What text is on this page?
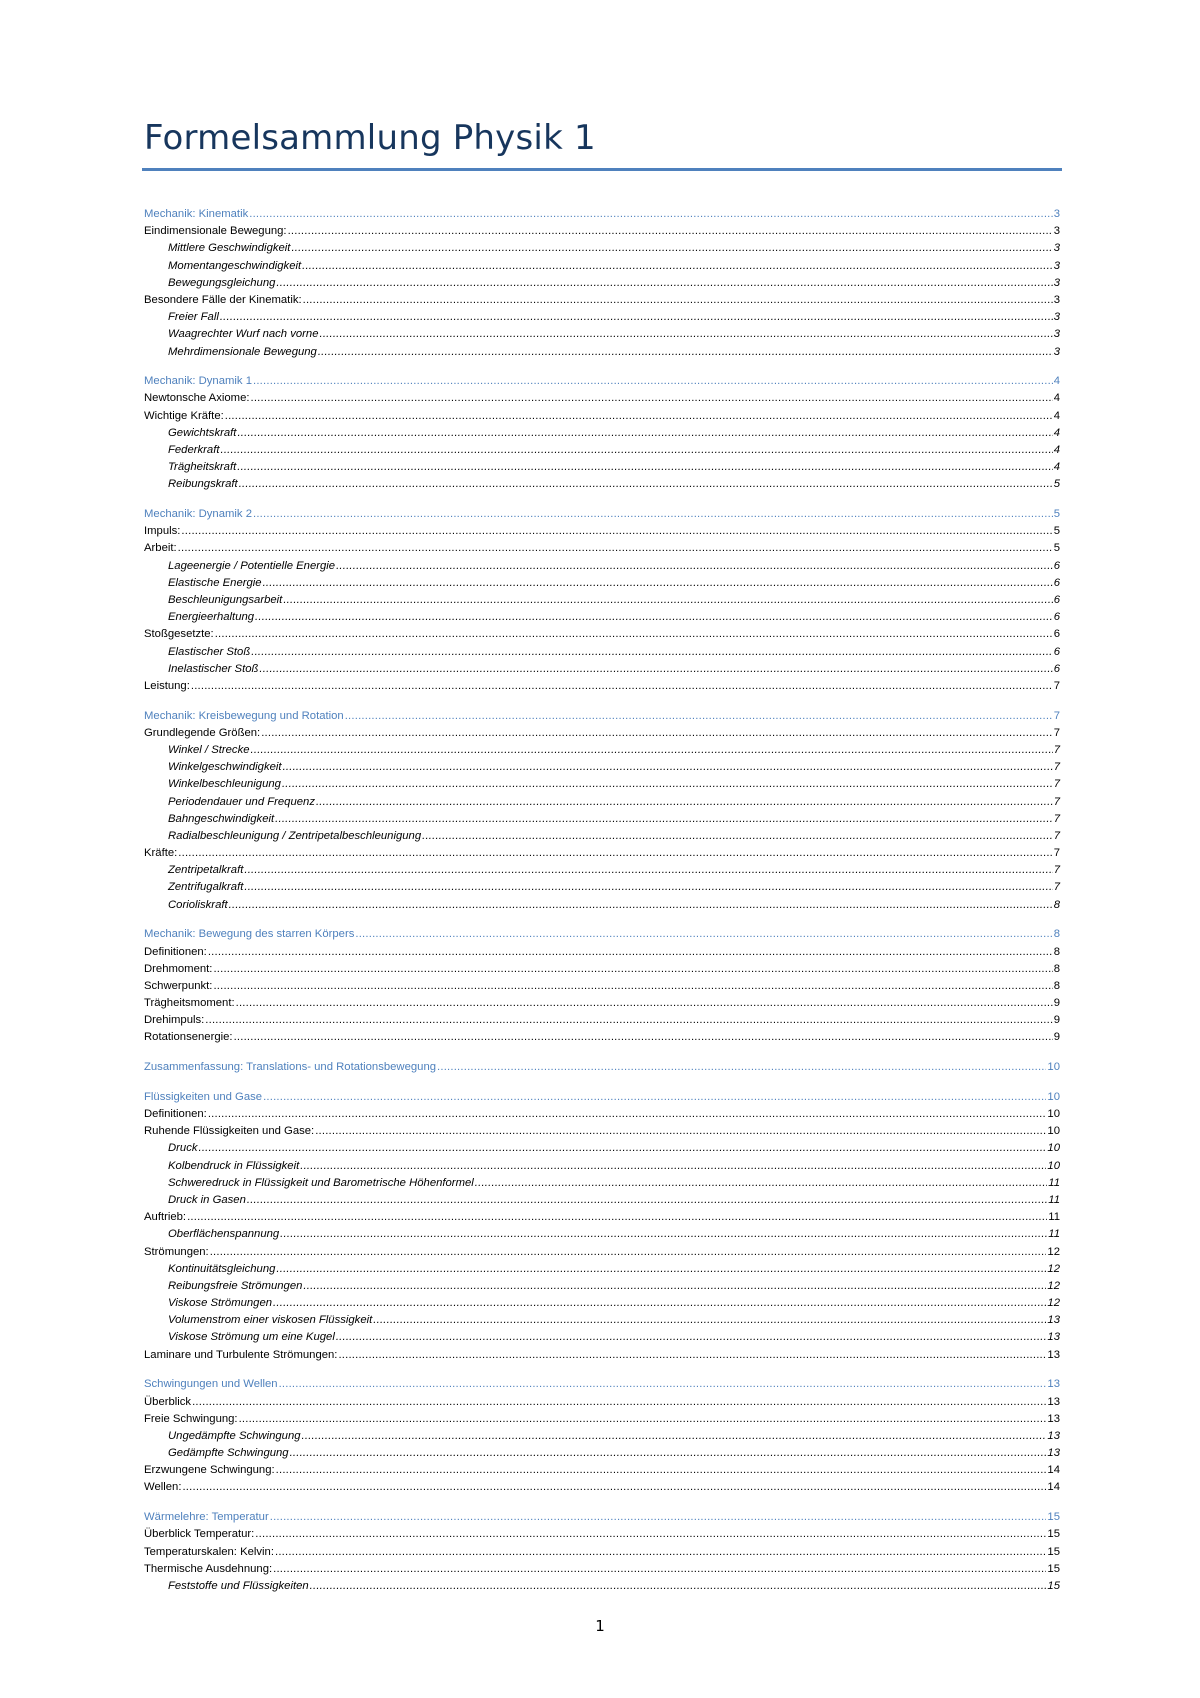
Formelsammlung Physik 1
Mechanik: Kinematik .....	3
Eindimensionale Bewegung: .....	3
Mittlere Geschwindigkeit .....	3
Momentangeschwindigkeit .....	3
Bewegungsgleichung .....	3
Besondere Fälle der Kinematik: .....	3
Freier Fall .....	3
Waagrechter Wurf nach vorne .....	3
Mehrdimensionale Bewegung .....	3
Mechanik: Dynamik 1 .....	4
Newtonsche Axiome: .....	4
Wichtige Kräfte: .....	4
Gewichtskraft .....	4
Federkraft .....	4
Trägheitskraft .....	4
Reibungskraft .....	5
Mechanik: Dynamik 2 .....	5
Impuls: .....	5
Arbeit: .....	5
Lageenergie / Potentielle Energie .....	6
Elastische Energie .....	6
Beschleunigungsarbeit .....	6
Energieerhaltung .....	6
Stoßgesetzte: .....	6
Elastischer Stoß .....	6
Inelastischer Stoß .....	6
Leistung: .....	7
Mechanik: Kreisbewegung und Rotation .....	7
Grundlegende Größen: .....	7
Winkel / Strecke .....	7
Winkelgeschwindigkeit .....	7
Winkelbeschleunigung .....	7
Periodendauer und Frequenz .....	7
Bahngeschwindigkeit .....	7
Radialbeschleunigung / Zentripetalbeschleunigung .....	7
Kräfte: .....	7
Zentripetalkraft .....	7
Zentrifugalkraft .....	7
Corioliskraft .....	8
Mechanik: Bewegung des starren Körpers .....	8
Definitionen: .....	8
Drehmoment: .....	8
Schwerpunkt: .....	8
Trägheitsmoment: .....	9
Drehimpuls: .....	9
Rotationsenergie: .....	9
Zusammenfassung: Translations- und Rotationsbewegung .....	10
Flüssigkeiten und Gase .....	10
Definitionen: .....	10
Ruhende Flüssigkeiten und Gase: .....	10
Druck .....	10
Kolbendruck in Flüssigkeit .....	10
Schweredruck in Flüssigkeit und Barometrische Höhenformel .....	11
Druck in Gasen .....	11
Auftrieb: .....	11
Oberflächenspannung .....	11
Strömungen: .....	12
Kontinuitätsgleichung .....	12
Reibungsfreie Strömungen .....	12
Viskose Strömungen .....	12
Volumenstrom einer viskosen Flüssigkeit .....	13
Viskose Strömung um eine Kugel .....	13
Laminare und Turbulente Strömungen: .....	13
Schwingungen und Wellen .....	13
Überblick .....	13
Freie Schwingung: .....	13
Ungedämpfte Schwingung .....	13
Gedämpfte Schwingung .....	13
Erzwungene Schwingung: .....	14
Wellen: .....	14
Wärmelehre: Temperatur .....	15
Überblick Temperatur: .....	15
Temperaturskalen: Kelvin: .....	15
Thermische Ausdehnung: .....	15
Feststoffe und Flüssigkeiten .....	15
1
